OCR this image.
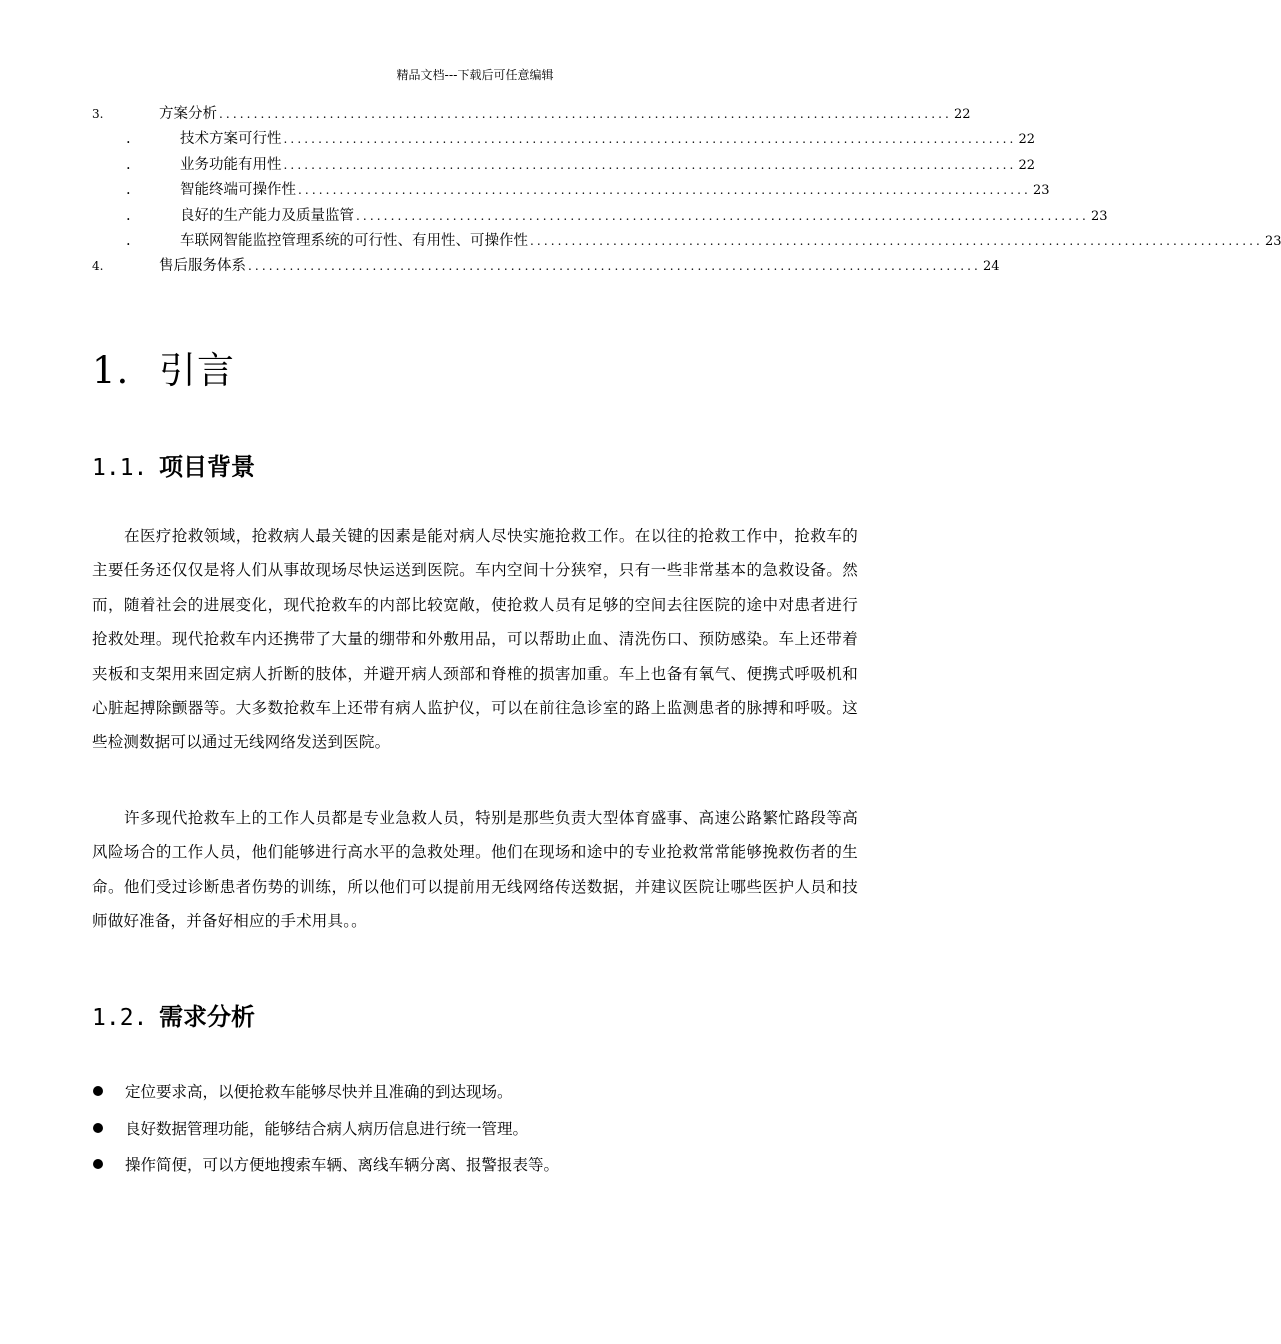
精品文档---下载后可任意编辑
3.	方案分析 .......................................................................................................... 22
.	技术方案可行性 .......................................................................................................... 22
.	业务功能有用性 .......................................................................................................... 22
.	智能终端可操作性 .......................................................................................................... 23
.	良好的生产能力及质量监管 .......................................................................................................... 23
.	车联网智能监控管理系统的可行性、有用性、可操作性 .......................................................................................................... 23
4.	售后服务体系 .......................................................................................................... 24
1. 引言
1.1. 项目背景

在医疗抢救领域，抢救病人最关键的因素是能对病人尽快实施抢救工作。在以往的抢救工作中，抢救车的主要任务还仅仅是将人们从事故现场尽快运送到医院。车内空间十分狭窄，只有一些非常基本的急救设备。然而，随着社会的进展变化，现代抢救车的内部比较宽敞，使抢救人员有足够的空间去往医院的途中对患者进行抢救处理。现代抢救车内还携带了大量的绷带和外敷用品，可以帮助止血、清洗伤口、预防感染。车上还带着夹板和支架用来固定病人折断的肢体，并避开病人颈部和脊椎的损害加重。车上也备有氧气、便携式呼吸机和心脏起搏除颤器等。大多数抢救车上还带有病人监护仪，可以在前往急诊室的路上监测患者的脉搏和呼吸。这些检测数据可以通过无线网络发送到医院。

许多现代抢救车上的工作人员都是专业急救人员，特别是那些负责大型体育盛事、高速公路繁忙路段等高风险场合的工作人员，他们能够进行高水平的急救处理。他们在现场和途中的专业抢救常常能够挽救伤者的生命。他们受过诊断患者伤势的训练，所以他们可以提前用无线网络传送数据，并建议医院让哪些医护人员和技师做好准备，并备好相应的手术用具。。

1.2. 需求分析
定位要求高，以便抢救车能够尽快并且准确的到达现场。
良好数据管理功能，能够结合病人病历信息进行统一管理。
操作简便，可以方便地搜索车辆、离线车辆分离、报警报表等。
